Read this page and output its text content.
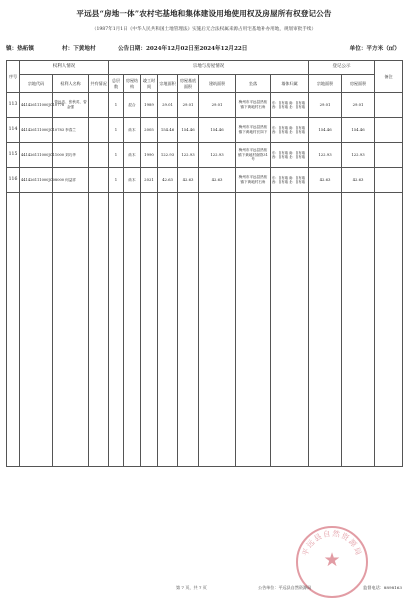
平远县“房地一体”农村宅基地和集体建设用地使用权及房屋所有权登记公告
（1987年1月1日《中华人民共和国土地管理法》实施后无合法权属来源占用宅基地补办用地，规划审批手续）
镇：热柘镇	村：下黄地村	公告日期：2024年12月02日至2024年12月22日	单位：平方米（㎡）
序号	权利人情况			宗地与房屋情况								登记公示		备注
	宗地代码	权利人名称	共有情况	总层数	房屋结构	竣工时间	宗地面积	房屋基底面积	建筑面积	坐落	墙体归属	宗地面积	房屋面积	
113	441426111000JC10778	曾远忠、张秋英、曾金强		1	混合	1989	29.01	29.01	29.01	梅州市平远县热柘镇下黄地村石角	东：自有墙 南：自有墙 西：自有墙 北：自有墙	29.01	29.01	
114	441426111000JC10783	李春兰		1	砖木	2005	154.46	154.46	154.46	梅州市平远县热柘镇下黄地村长岗下	东：自有墙 南：自有墙 西：自有墙 北：自有墙	154.46	154.46	
115	441426111000JC11000	刘巧华		1	砖木	1990	122.93	122.93	122.93	梅州市平远县热柘镇下黄地村谢背31号	东：自有墙 南：自有墙 西：自有墙 北：自有墙	122.93	122.93	
116	441426111000JC08000	何益祥		1	砖木	2021	42.63	42.63	42.63	梅州市平远县热柘镇下黄地村石角	东：自有墙 南：自有墙 西：自有墙 北：自有墙	42.63	42.63	

平远县自然资源局
★
第 7 页，共 7 页	公告单位：平远县自然资源局	监督电话：8898163
